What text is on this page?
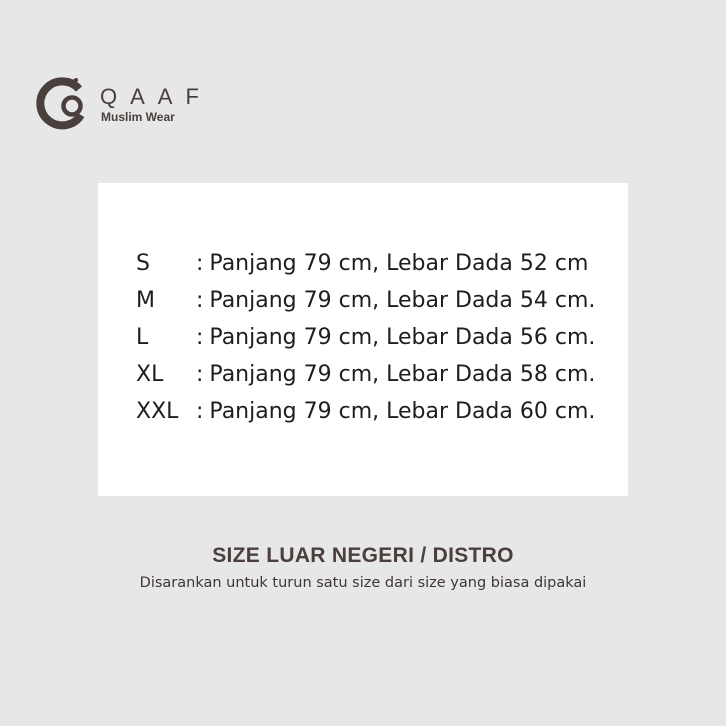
QAAF
Muslim Wear
S	: Panjang 79 cm, Lebar Dada 52 cm
M	: Panjang 79 cm, Lebar Dada 54 cm.
L	: Panjang 79 cm, Lebar Dada 56 cm.
XL	: Panjang 79 cm, Lebar Dada 58 cm.
XXL : Panjang 79 cm, Lebar Dada 60 cm.
SIZE LUAR NEGERI / DISTRO
Disarankan untuk turun satu size dari size yang biasa dipakai
